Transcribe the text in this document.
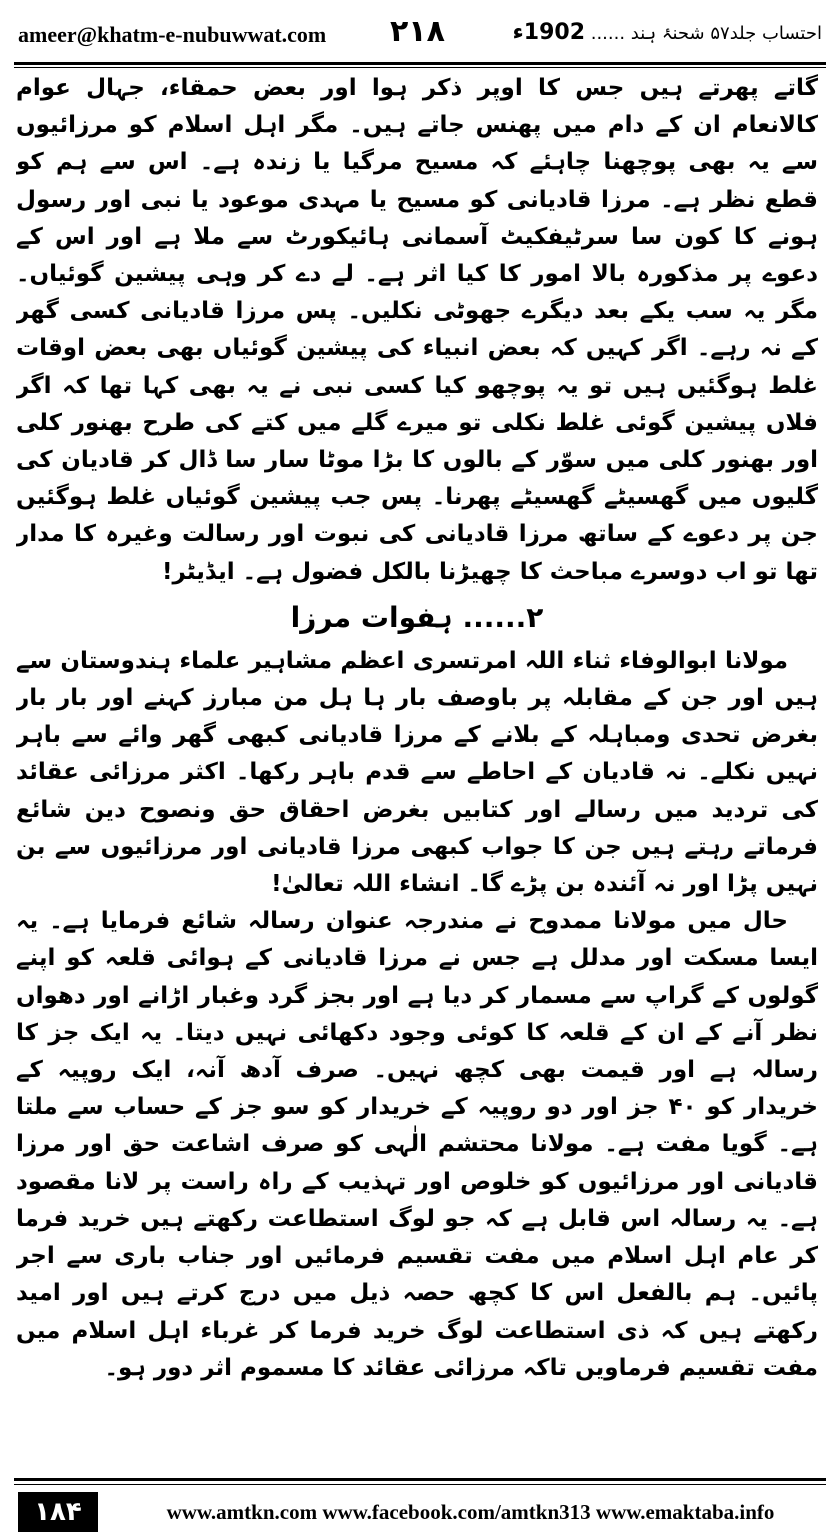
ameer@khatm-e-nubuwwat.com ۲۱۸	احتساب جلد۵۷ شحنۂ ہند ...... 1902ء

گاتے پھرتے ہیں جس کا اوپر ذکر ہوا اور بعض حمقاء، جہال عوام کالانعام ان کے دام میں پھنس جاتے ہیں۔ مگر اہل اسلام کو مرزائیوں سے یہ بھی پوچھنا چاہئے کہ مسیح مرگیا یا زندہ ہے۔ اس سے ہم کو قطع نظر ہے۔ مرزا قادیانی کو مسیح یا مہدی موعود یا نبی اور رسول ہونے کا کون سا سرٹیفکیٹ آسمانی ہائیکورٹ سے ملا ہے اور اس کے دعوے پر مذکورہ بالا امور کا کیا اثر ہے۔ لے دے کر وہی پیشین گوئیاں۔ مگر یہ سب یکے بعد دیگرے جھوٹی نکلیں۔ پس مرزا قادیانی کسی گھر کے نہ رہے۔ اگر کہیں کہ بعض انبیاء کی پیشین گوئیاں بھی بعض اوقات غلط ہوگئیں ہیں تو یہ پوچھو کیا کسی نبی نے یہ بھی کہا تھا کہ اگر فلاں پیشین گوئی غلط نکلی تو میرے گلے میں کتے کی طرح بھنور کلی اور بھنور کلی میں سوّر کے بالوں کا بڑا موٹا سار سا ڈال کر قادیان کی گلیوں میں گھسیٹے گھسیٹے پھرنا۔ پس جب پیشین گوئیاں غلط ہوگئیں جن پر دعوے کے ساتھ مرزا قادیانی کی نبوت اور رسالت وغیرہ کا مدار تھا تو اب دوسرے مباحث کا چھیڑنا بالکل فضول ہے۔ ایڈیٹر!

۲...... ہفوات مرزا

مولانا ابوالوفاء ثناء اللہ امرتسری اعظم مشاہیر علماء ہندوستان سے ہیں اور جن کے مقابلہ پر باوصف بار ہا ہل من مبارز کہنے اور بار بار بغرض تحدی ومباہلہ کے بلانے کے مرزا قادیانی کبھی گھر وائے سے باہر نہیں نکلے۔ نہ قادیان کے احاطے سے قدم باہر رکھا۔ اکثر مرزائی عقائد کی تردید میں رسالے اور کتابیں بغرض احقاق حق ونصوح دین شائع فرماتے رہتے ہیں جن کا جواب کبھی مرزا قادیانی اور مرزائیوں سے بن نہیں پڑا اور نہ آئندہ بن پڑے گا۔ انشاء اللہ تعالیٰ!

حال میں مولانا ممدوح نے مندرجہ عنوان رسالہ شائع فرمایا ہے۔ یہ ایسا مسکت اور مدلل ہے جس نے مرزا قادیانی کے ہوائی قلعہ کو اپنے گولوں کے گراپ سے مسمار کر دیا ہے اور بجز گرد وغبار اڑانے اور دھواں نظر آنے کے ان کے قلعہ کا کوئی وجود دکھائی نہیں دیتا۔ یہ ایک جز کا رسالہ ہے اور قیمت بھی کچھ نہیں۔ صرف آدھ آنہ، ایک روپیہ کے خریدار کو ۴۰ جز اور دو روپیہ کے خریدار کو سو جز کے حساب سے ملتا ہے۔ گویا مفت ہے۔ مولانا محتشم الٰہی کو صرف اشاعت حق اور مرزا قادیانی اور مرزائیوں کو خلوص اور تہذیب کے راہ راست پر لانا مقصود ہے۔ یہ رسالہ اس قابل ہے کہ جو لوگ استطاعت رکھتے ہیں خرید فرما کر عام اہل اسلام میں مفت تقسیم فرمائیں اور جناب باری سے اجر پائیں۔ ہم بالفعل اس کا کچھ حصہ ذیل میں درج کرتے ہیں اور امید رکھتے ہیں کہ ذی استطاعت لوگ خرید فرما کر غرباء اہل اسلام میں مفت تقسیم فرماویں تاکہ مرزائی عقائد کا مسموم اثر دور ہو۔

۱۸۴	www.amtkn.com www.facebook.com/amtkn313 www.emaktaba.info
